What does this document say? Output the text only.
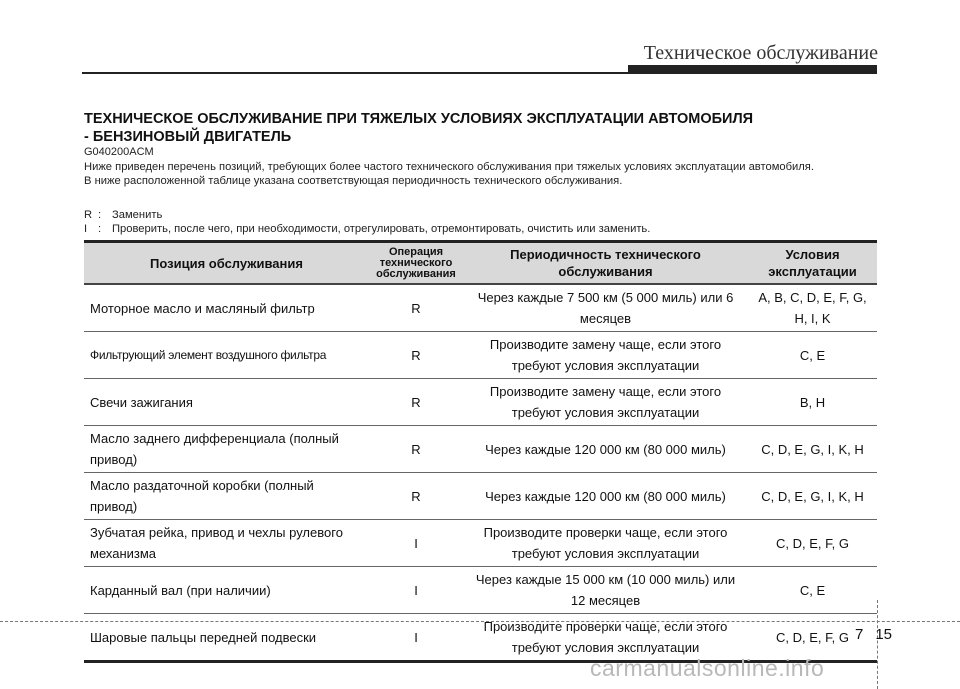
Техническое обслуживание
ТЕХНИЧЕСКОЕ ОБСЛУЖИВАНИЕ ПРИ ТЯЖЕЛЫХ УСЛОВИЯХ ЭКСПЛУАТАЦИИ АВТОМОБИЛЯ
- БЕНЗИНОВЫЙ ДВИГАТЕЛЬ
G040200ACM
Ниже приведен перечень позиций, требующих более частого технического обслуживания при тяжелых условиях эксплуатации автомобиля.
В ниже расположенной таблице указана соответствующая периодичность технического обслуживания.
R : Заменить
I : Проверить, после чего, при необходимости, отрегулировать, отремонтировать, очистить или заменить.
Позиция обслуживания	Операция технического обслуживания	Периодичность технического обслуживания	Условия эксплуатации
Моторное масло и масляный фильтр	R	Через каждые 7 500 км (5 000 миль) или 6 месяцев	A, B, C, D, E, F, G, H, I, K
Фильтрующий элемент воздушного фильтра	R	Производите замену чаще, если этого требуют условия эксплуатации	C, E
Свечи зажигания	R	Производите замену чаще, если этого требуют условия эксплуатации	B, H
Масло заднего дифференциала (полный привод)	R	Через каждые 120 000 км (80 000 миль)	C, D, E, G, I, K, H
Масло раздаточной коробки (полный привод)	R	Через каждые 120 000 км (80 000 миль)	C, D, E, G, I, K, H
Зубчатая рейка, привод и чехлы рулевого механизма	I	Производите проверки чаще, если этого требуют условия эксплуатации	C, D, E, F, G
Карданный вал (при наличии)	I	Через каждые 15 000 км (10 000 миль) или 12 месяцев	C, E
Шаровые пальцы передней подвески	I	Производите проверки чаще, если этого требуют условия эксплуатации	C, D, E, F, G 7 15
carmanualsonline.info
